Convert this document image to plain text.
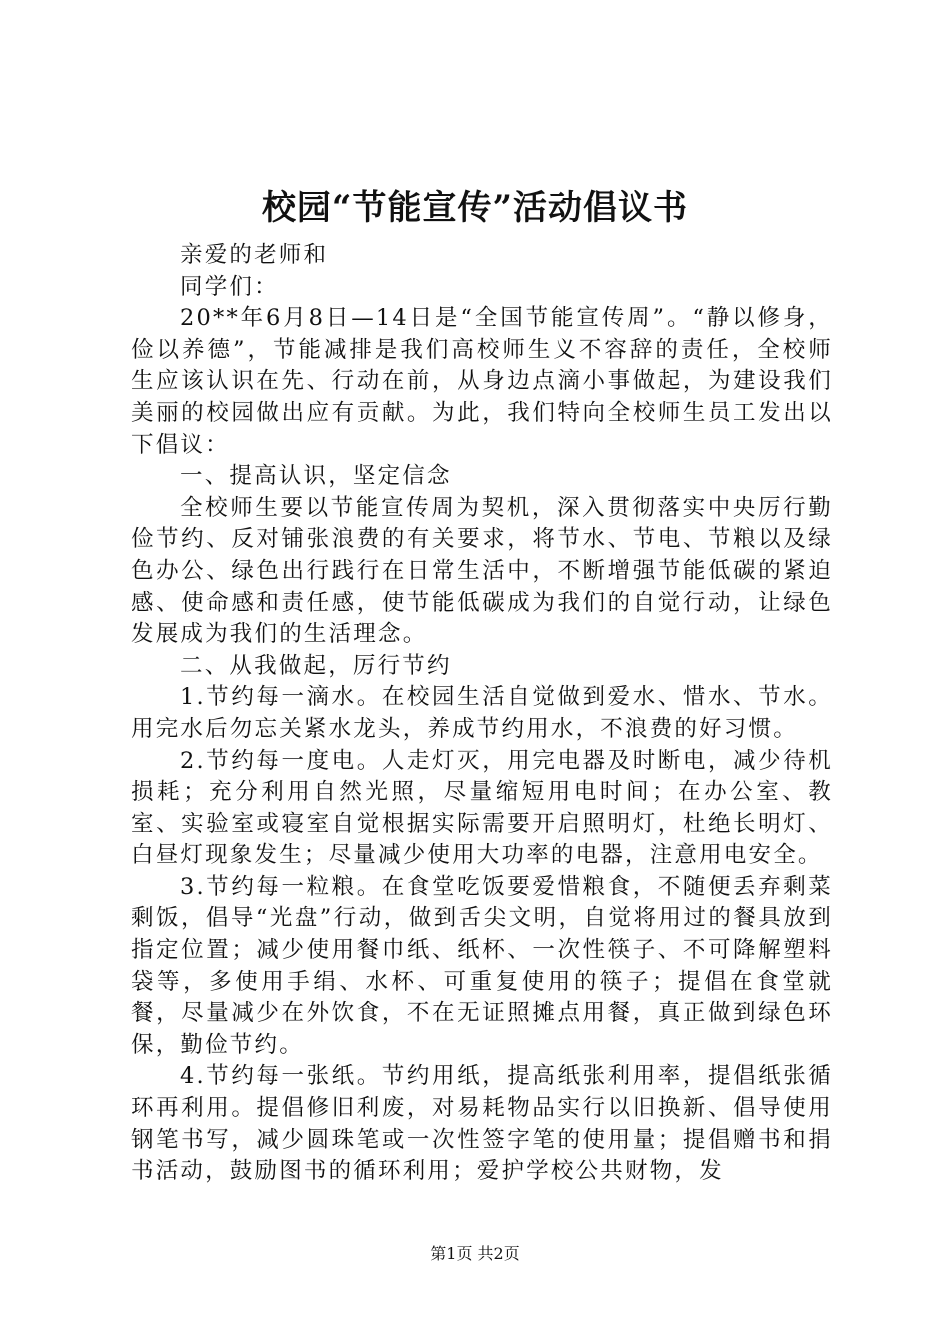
校园“节能宣传”活动倡议书

亲爱的老师和

同学们：

20**年6月8日—14日是“全国节能宣传周”。“静以修身，俭以养德”，节能减排是我们高校师生义不容辞的责任，全校师生应该认识在先、行动在前，从身边点滴小事做起，为建设我们美丽的校园做出应有贡献。为此，我们特向全校师生员工发出以下倡议：

一、提高认识，坚定信念

全校师生要以节能宣传周为契机，深入贯彻落实中央厉行勤俭节约、反对铺张浪费的有关要求，将节水、节电、节粮以及绿色办公、绿色出行践行在日常生活中，不断增强节能低碳的紧迫感、使命感和责任感，使节能低碳成为我们的自觉行动，让绿色发展成为我们的生活理念。

二、从我做起，厉行节约

1.节约每一滴水。在校园生活自觉做到爱水、惜水、节水。用完水后勿忘关紧水龙头，养成节约用水，不浪费的好习惯。

2.节约每一度电。人走灯灭，用完电器及时断电，减少待机损耗；充分利用自然光照，尽量缩短用电时间；在办公室、教室、实验室或寝室自觉根据实际需要开启照明灯，杜绝长明灯、白昼灯现象发生；尽量减少使用大功率的电器，注意用电安全。

3.节约每一粒粮。在食堂吃饭要爱惜粮食，不随便丢弃剩菜剩饭，倡导“光盘”行动，做到舌尖文明，自觉将用过的餐具放到指定位置；减少使用餐巾纸、纸杯、一次性筷子、不可降解塑料袋等，多使用手绢、水杯、可重复使用的筷子；提倡在食堂就餐，尽量减少在外饮食，不在无证照摊点用餐，真正做到绿色环保，勤俭节约。

4.节约每一张纸。节约用纸，提高纸张利用率，提倡纸张循环再利用。提倡修旧利废，对易耗物品实行以旧换新、倡导使用钢笔书写，减少圆珠笔或一次性签字笔的使用量；提倡赠书和捐书活动，鼓励图书的循环利用；爱护学校公共财物，发

第1页 共2页
